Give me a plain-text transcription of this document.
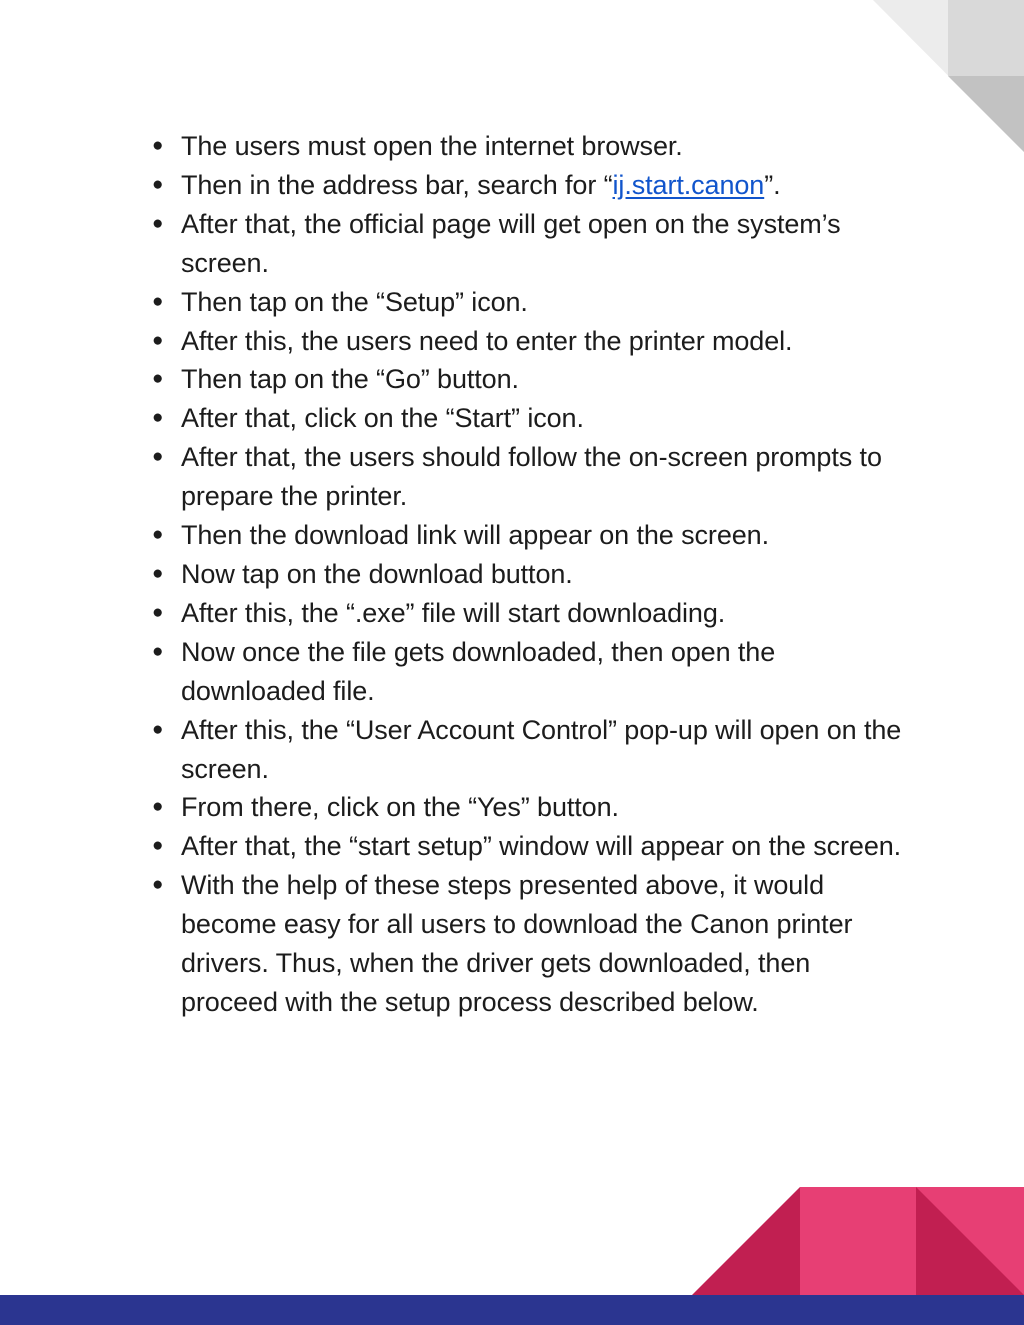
● The users must open the internet browser.
● Then in the address bar, search for “ij.start.canon”.
● After that, the official page will get open on the system’s screen.
● Then tap on the “Setup” icon.
● After this, the users need to enter the printer model.
● Then tap on the “Go” button.
● After that, click on the “Start” icon.
● After that, the users should follow the on-screen prompts to prepare the printer.
● Then the download link will appear on the screen.
● Now tap on the download button.
● After this, the “.exe” file will start downloading.
● Now once the file gets downloaded, then open the downloaded file.
● After this, the “User Account Control” pop-up will open on the screen.
● From there, click on the “Yes” button.
● After that, the “start setup” window will appear on the screen.
● With the help of these steps presented above, it would become easy for all users to download the Canon printer drivers. Thus, when the driver gets downloaded, then proceed with the setup process described below.
